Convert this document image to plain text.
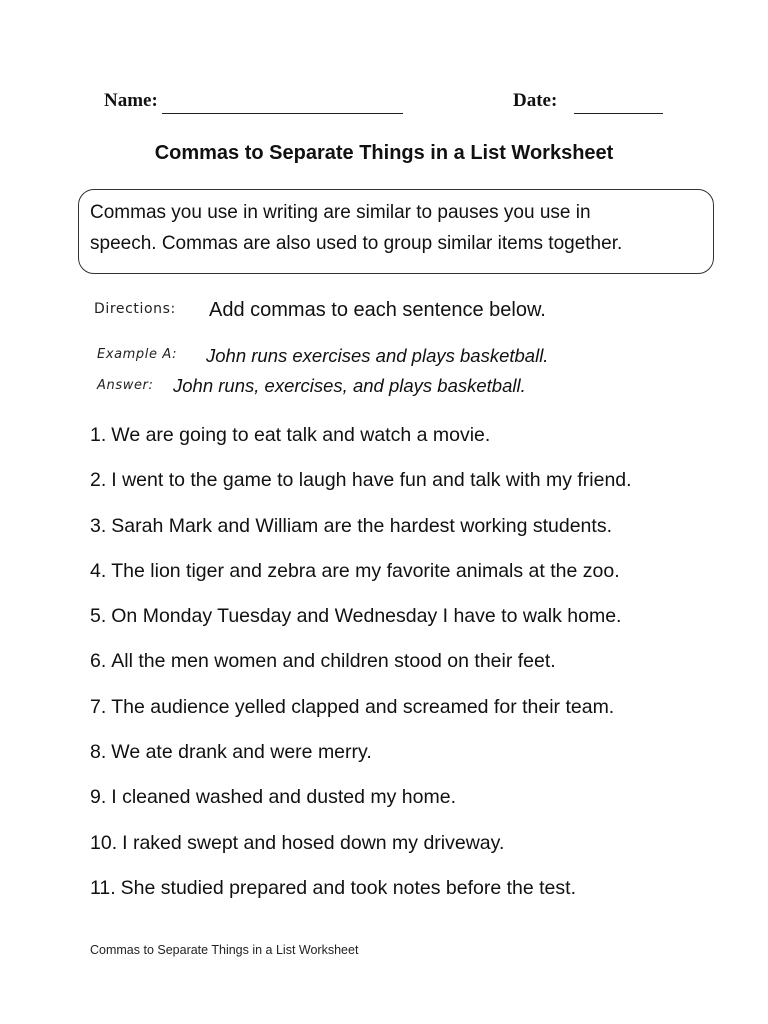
Name:	Date:
Commas to Separate Things in a List Worksheet
Commas you use in writing are similar to pauses you use in
speech. Commas are also used to group similar items together.
Directions: Add commas to each sentence below.
Example A: John runs exercises and plays basketball.
Answer: John runs, exercises, and plays basketball.
1. We are going to eat talk and watch a movie.
2. I went to the game to laugh have fun and talk with my friend.
3. Sarah Mark and William are the hardest working students.
4. The lion tiger and zebra are my favorite animals at the zoo.
5. On Monday Tuesday and Wednesday I have to walk home.
6. All the men women and children stood on their feet.
7. The audience yelled clapped and screamed for their team.
8. We ate drank and were merry.
9. I cleaned washed and dusted my home.
10. I raked swept and hosed down my driveway.
11. She studied prepared and took notes before the test.
Commas to Separate Things in a List Worksheet
